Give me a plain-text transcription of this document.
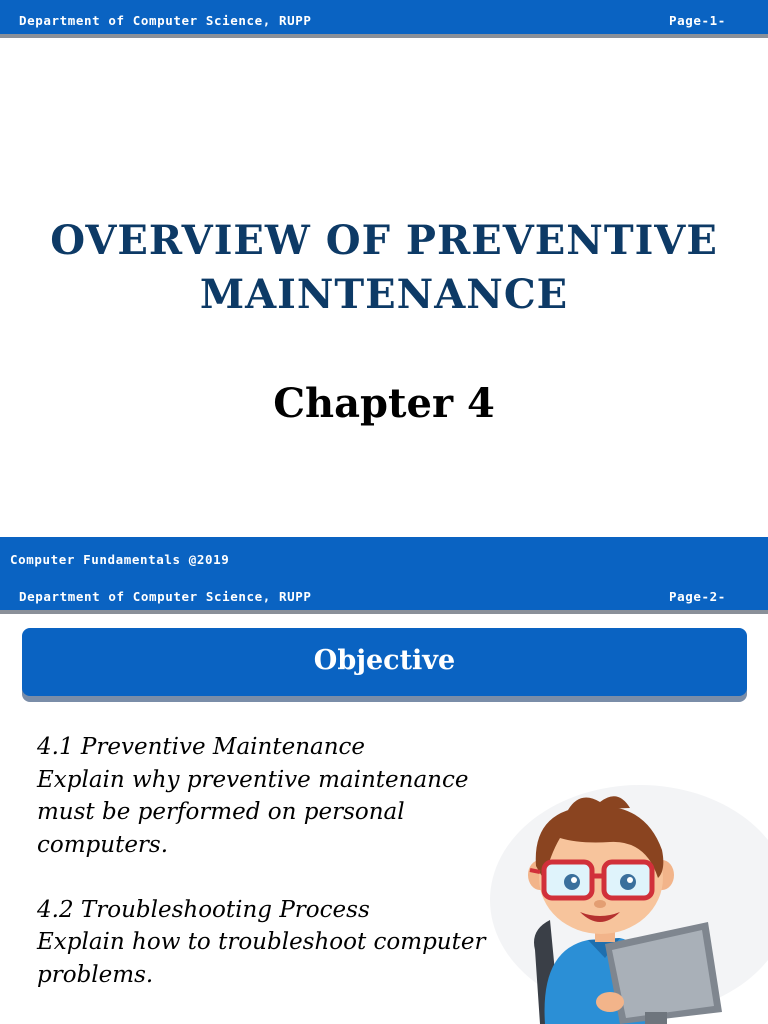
Department of Computer Science, RUPP	Page-1-
OVERVIEW OF PREVENTIVE
MAINTENANCE
Chapter 4
Computer Fundamentals @2019
Department of Computer Science, RUPP	Page-2-
Objective

4.1 Preventive Maintenance

Explain why preventive maintenance

must be performed on personal

computers.

4.2 Troubleshooting Process

Explain how to troubleshoot computer

problems.
